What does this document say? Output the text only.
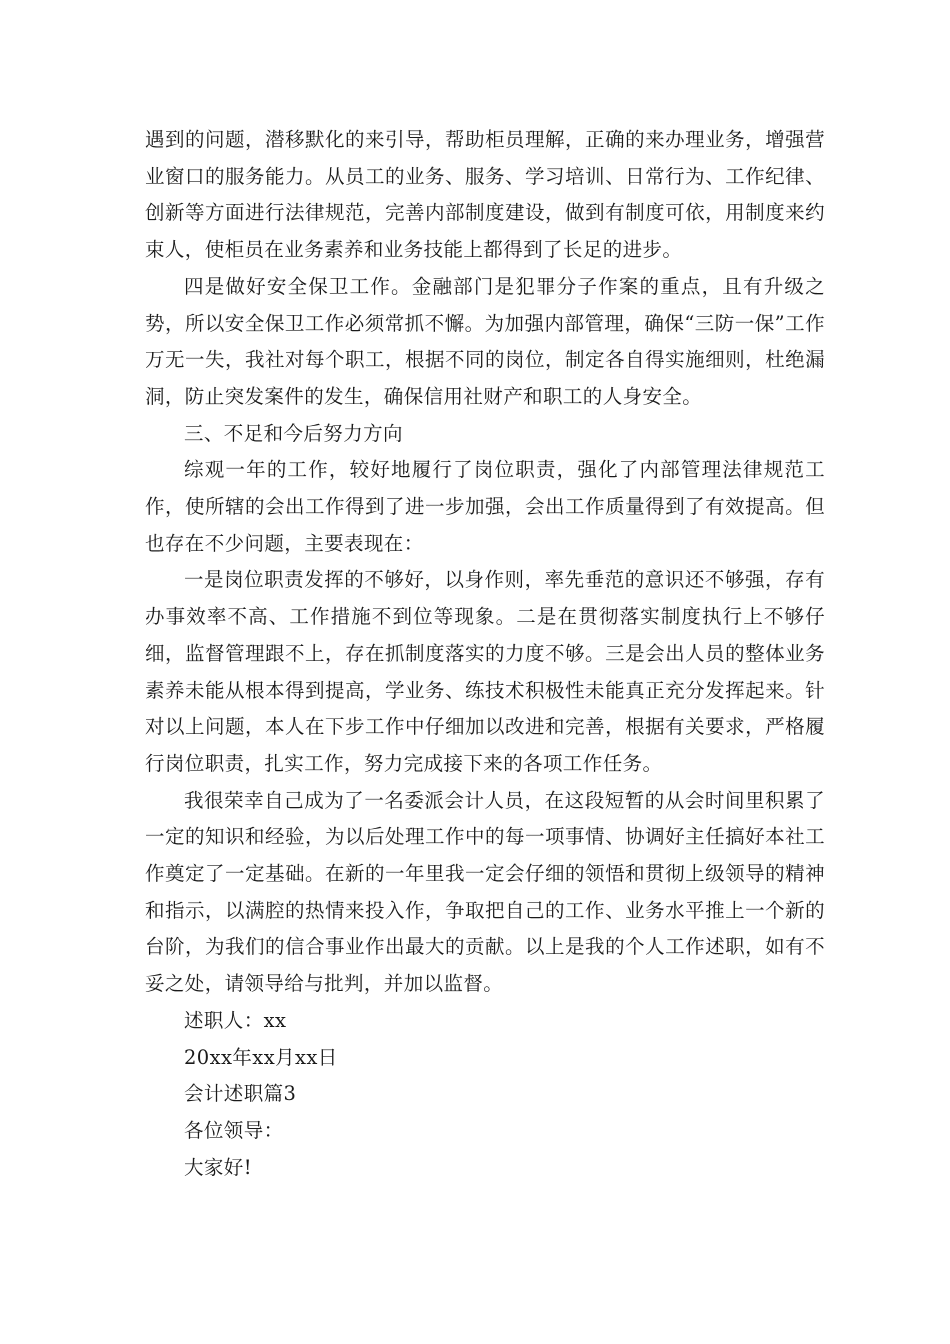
遇到的问题，潜移默化的来引导，帮助柜员理解，正确的来办理业务，增强营业窗口的服务能力。从员工的业务、服务、学习培训、日常行为、工作纪律、创新等方面进行法律规范，完善内部制度建设，做到有制度可依，用制度来约束人，使柜员在业务素养和业务技能上都得到了长足的进步。

四是做好安全保卫工作。金融部门是犯罪分子作案的重点，且有升级之势，所以安全保卫工作必须常抓不懈。为加强内部管理，确保“三防一保”工作万无一失，我社对每个职工，根据不同的岗位，制定各自得实施细则，杜绝漏洞，防止突发案件的发生，确保信用社财产和职工的人身安全。

三、不足和今后努力方向

综观一年的工作，较好地履行了岗位职责，强化了内部管理法律规范工作，使所辖的会出工作得到了进一步加强，会出工作质量得到了有效提高。但也存在不少问题，主要表现在：

一是岗位职责发挥的不够好，以身作则，率先垂范的意识还不够强，存有办事效率不高、工作措施不到位等现象。二是在贯彻落实制度执行上不够仔细，监督管理跟不上，存在抓制度落实的力度不够。三是会出人员的整体业务素养未能从根本得到提高，学业务、练技术积极性未能真正充分发挥起来。针对以上问题，本人在下步工作中仔细加以改进和完善，根据有关要求，严格履行岗位职责，扎实工作，努力完成接下来的各项工作任务。

我很荣幸自己成为了一名委派会计人员，在这段短暂的从会时间里积累了一定的知识和经验，为以后处理工作中的每一项事情、协调好主任搞好本社工作奠定了一定基础。在新的一年里我一定会仔细的领悟和贯彻上级领导的精神和指示，以满腔的热情来投入作，争取把自己的工作、业务水平推上一个新的台阶，为我们的信合事业作出最大的贡献。以上是我的个人工作述职，如有不妥之处，请领导给与批判，并加以监督。

述职人：xx

20xx年xx月xx日

会计述职篇3

各位领导：

大家好!
